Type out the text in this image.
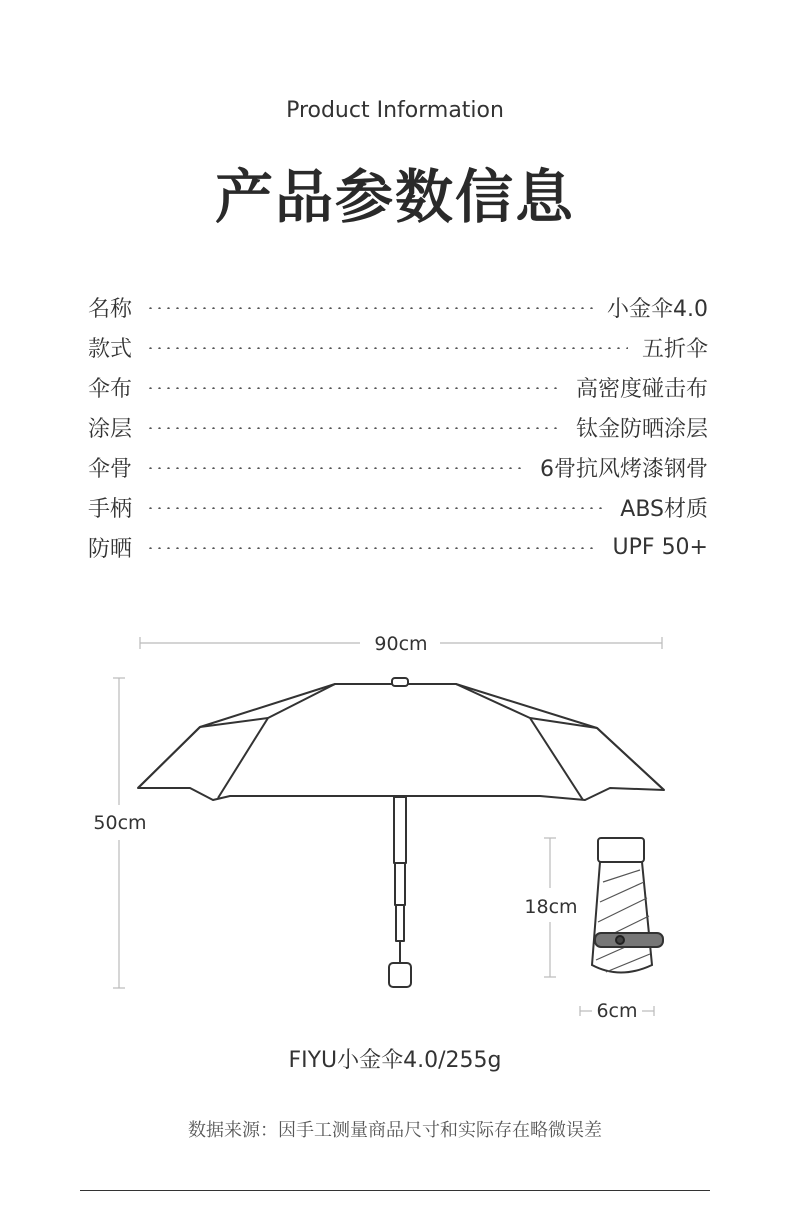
Product Information
产品参数信息
名称	小金伞4.0
款式	五折伞
伞布	高密度碰击布
涂层	钛金防晒涂层
伞骨	6骨抗风烤漆钢骨
手柄	ABS材质
防晒	UPF 50+
90cm
50cm
18cm
6cm
FIYU小金伞4.0/255g
数据来源：因手工测量商品尺寸和实际存在略微误差
